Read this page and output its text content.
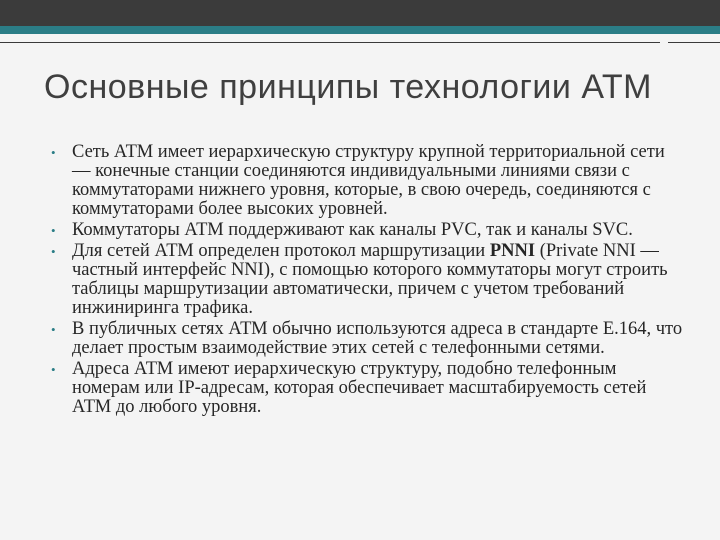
Основные принципы технологии АТМ
• Сеть АТМ имеет иерархическую структуру крупной территориальной сети — конечные станции соединяются индивидуальными линиями связи с коммутаторами нижнего уровня, которые, в свою очередь, соединяются с коммутаторами более высоких уровней.
• Коммутаторы АТМ поддерживают как каналы PVC, так и каналы SVC.
• Для сетей АТМ определен протокол маршрутизации PNNI (Private NNI — частный интерфейс NNI), с помощью которого коммутаторы могут строить таблицы маршрутизации автоматически, причем с учетом требований инжиниринга трафика.
• В публичных сетях АТМ обычно используются адреса в стандарте Е.164, что делает простым взаимодействие этих сетей с телефонными сетями.
• Адреса АТМ имеют иерархическую структуру, подобно телефонным номерам или IP-адресам, которая обеспечивает масштабируемость сетей АТМ до любого уровня.
